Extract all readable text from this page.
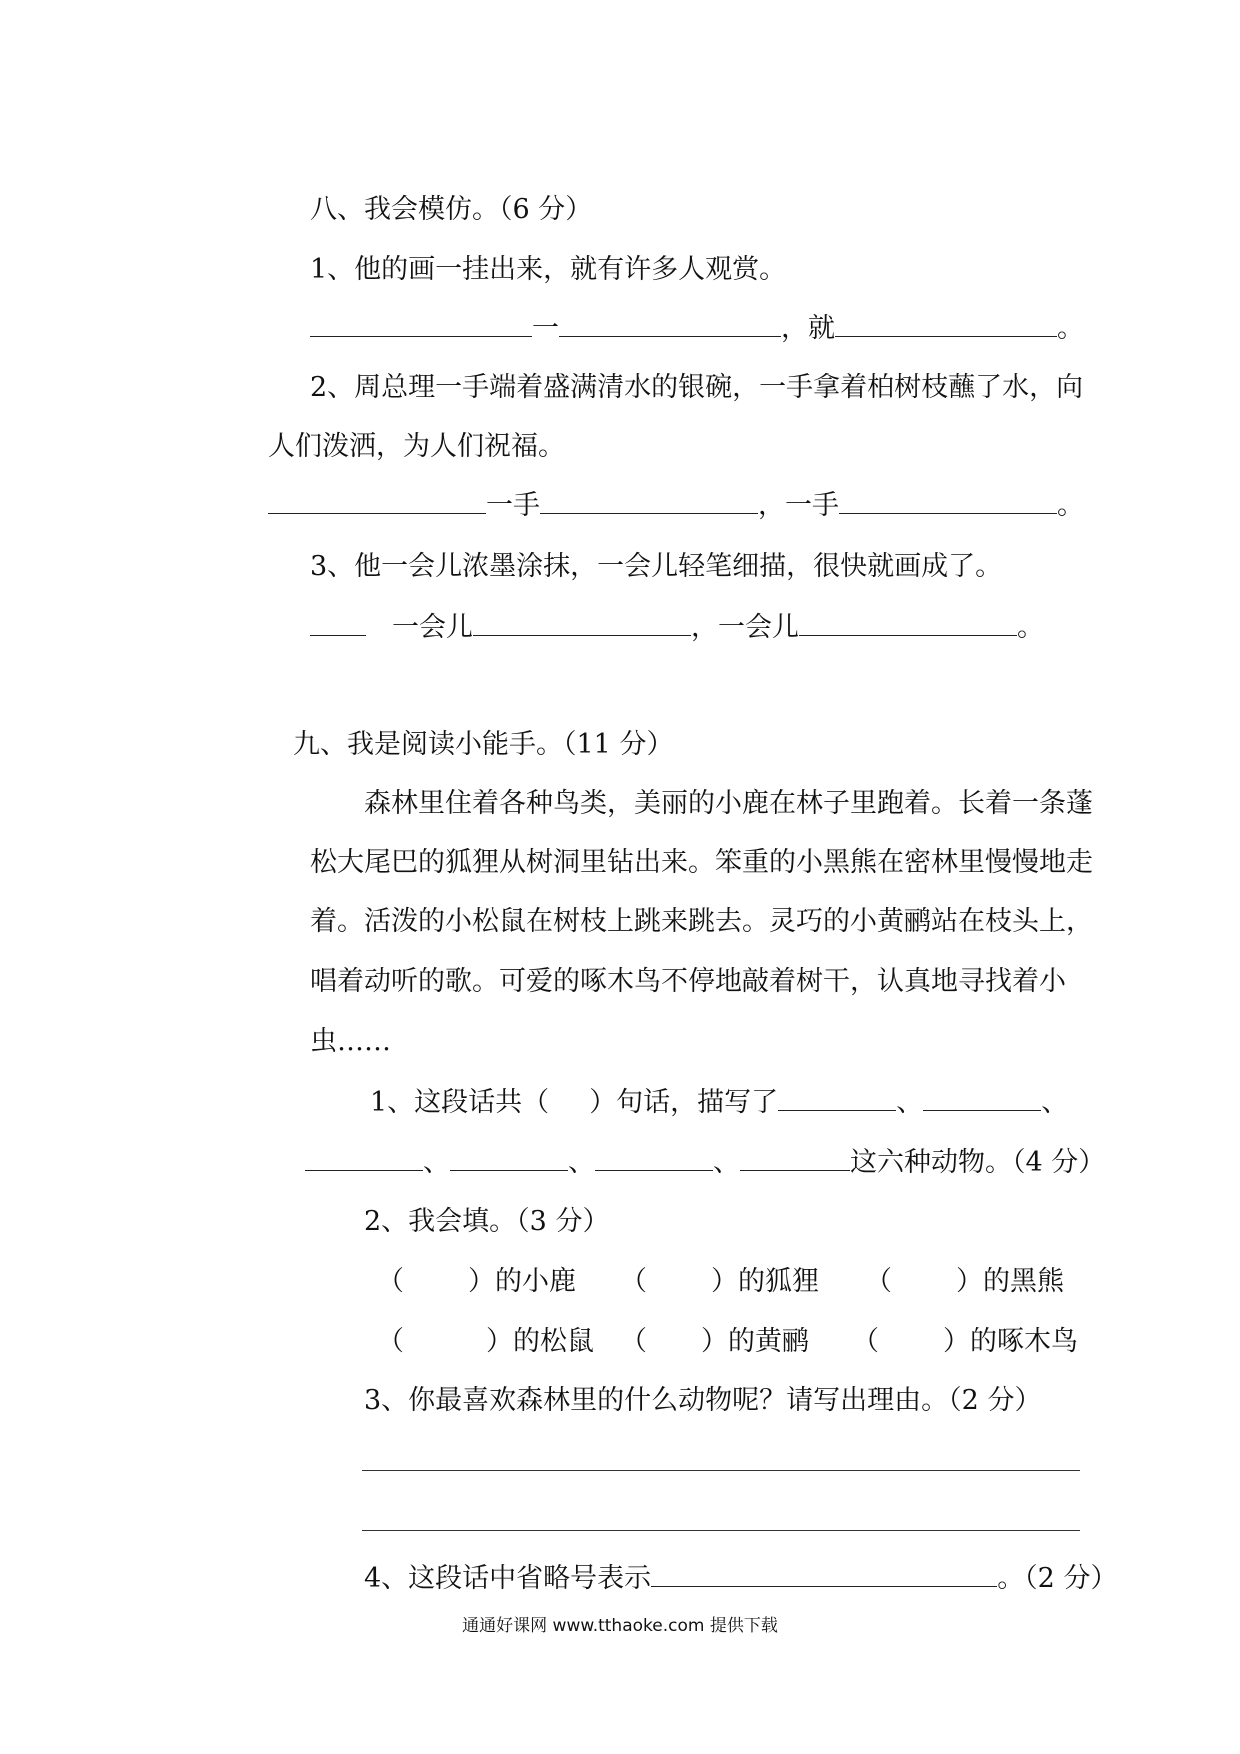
八、我会模仿。（6 分）
1、他的画一挂出来，就有许多人观赏。
一	，就	。
2、周总理一手端着盛满清水的银碗，一手拿着柏树枝蘸了水，向
人们泼洒，为人们祝福。
一手	，一手	。
3、他一会儿浓墨涂抹，一会儿轻笔细描，很快就画成了。
一会儿	，一会儿	。
九、我是阅读小能手。（11 分）
森林里住着各种鸟类，美丽的小鹿在林子里跑着。长着一条蓬
松大尾巴的狐狸从树洞里钻出来。笨重的小黑熊在密林里慢慢地走
着。活泼的小松鼠在树枝上跳来跳去。灵巧的小黄鹂站在枝头上，
唱着动听的歌。可爱的啄木鸟不停地敲着树干，认真地寻找着小
虫……
1、这段话共（ ）句话，描写了	、	、
、	、	、	这六种动物。（4 分）
2、我会填。（3 分）
（ ）的小鹿 （ ）的狐狸 （ ）的黑熊
（	）的松鼠 （ ）的黄鹂 （ ）的啄木鸟
3、你最喜欢森林里的什么动物呢？请写出理由。（2 分）
4、这段话中省略号表示	。（2 分）
通通好课网 www.tthaoke.com 提供下载
